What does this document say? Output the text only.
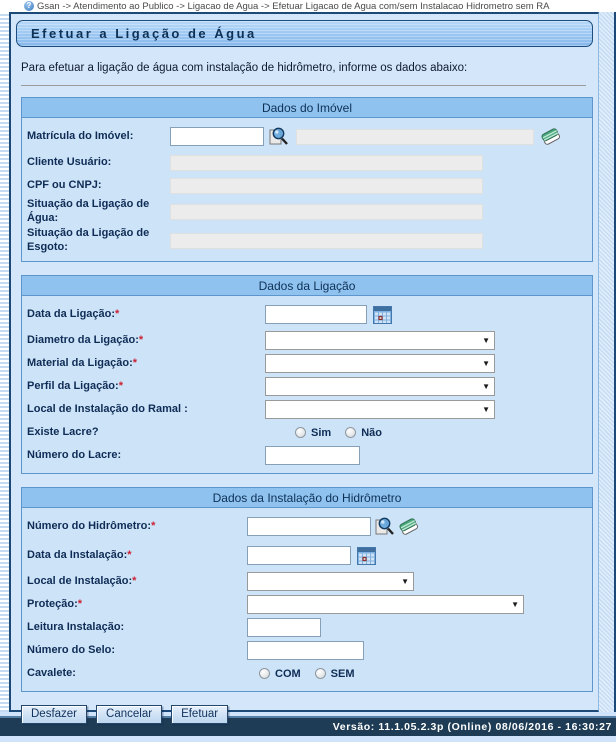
? Gsan -> Atendimento ao Publico -> Ligacao de Agua -> Efetuar Ligacao de Agua com/sem Instalacao Hidrometro sem RA
Efetuar a Ligação de Água
Para efetuar a ligação de água com instalação de hidrômetro, informe os dados abaixo:
Dados do Imóvel
Matrícula do Imóvel:
Cliente Usuário:
CPF ou CNPJ:
Situação da Ligação de Água:
Situação da Ligação de Esgoto:
Dados da Ligação
Data da Ligação:*
Diametro da Ligação:*	▼
Material da Ligação:*	▼
Perfil da Ligação:*	▼
Local de Instalação do Ramal :	▼
Existe Lacre?	Sim	Não
Número do Lacre:
Dados da Instalação do Hidrômetro
Número do Hidrômetro:*
Data da Instalação:*
Local de Instalação:*	▼
Proteção:*	▼
Leitura Instalação:
Número do Selo:
Cavalete:	COM	SEM
Desfazer	Cancelar	Efetuar
Versão: 11.1.05.2.3p (Online) 08/06/2016 - 16:30:27
